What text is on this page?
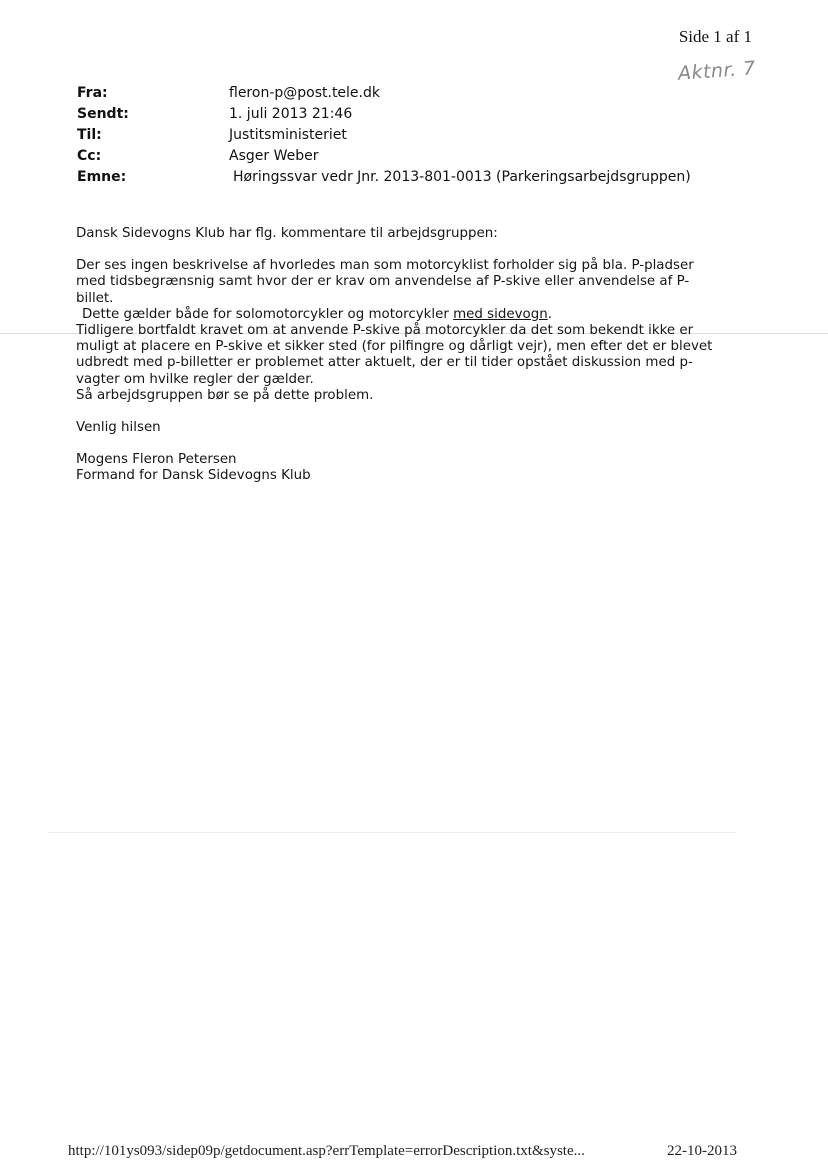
Side 1 af 1
Aktnr. 7
Fra:	fleron-p@post.tele.dk
Sendt:	1. juli 2013 21:46
Til:	Justitsministeriet
Cc:	Asger Weber
Emne:	Høringssvar vedr Jnr. 2013-801-0013 (Parkeringsarbejdsgruppen)

Dansk Sidevogns Klub har flg. kommentare til arbejdsgruppen:

Der ses ingen beskrivelse af hvorledes man som motorcyklist forholder sig på bla. P-pladser

med tidsbegrænsnig samt hvor der er krav om anvendelse af P-skive eller anvendelse af P-

billet.

Dette gælder både for solomotorcykler og motorcykler med sidevogn.

Tidligere bortfaldt kravet om at anvende P-skive på motorcykler da det som bekendt ikke er

muligt at placere en P-skive et sikker sted (for pilfingre og dårligt vejr), men efter det er blevet

udbredt med p-billetter er problemet atter aktuelt, der er til tider opstået diskussion med p-

vagter om hvilke regler der gælder.

Så arbejdsgruppen bør se på dette problem.

Venlig hilsen

Mogens Fleron Petersen

Formand for Dansk Sidevogns Klub

http://101ys093/sidep09p/getdocument.asp?errTemplate=errorDescription.txt&syste...	22-10-2013
